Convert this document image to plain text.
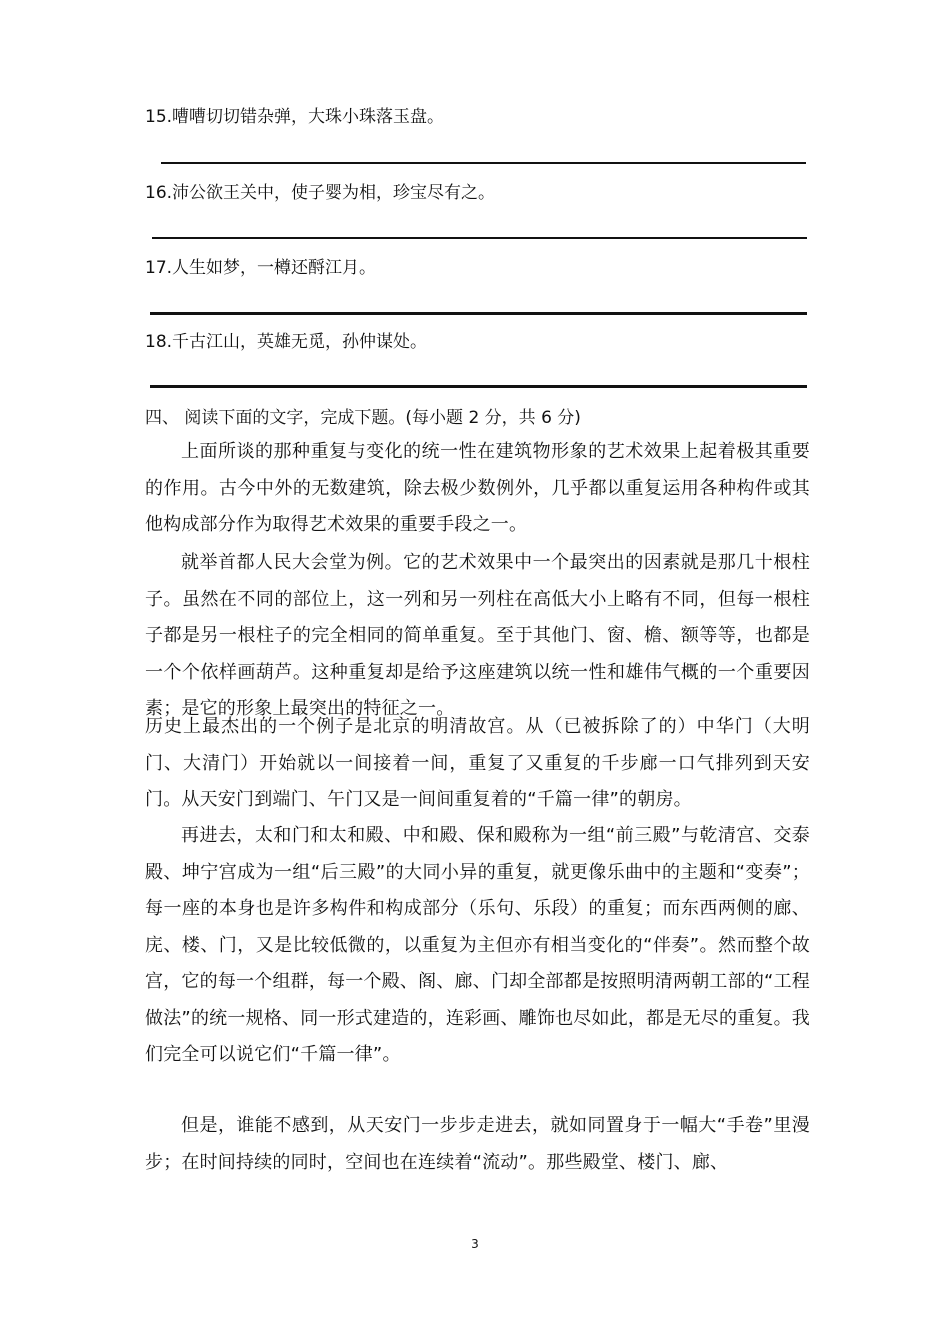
15.嘈嘈切切错杂弹，大珠小珠落玉盘。
16.沛公欲王关中，使子婴为相，珍宝尽有之。
17.人生如梦，一樽还酹江月。
18.千古江山，英雄无觅，孙仲谋处。
四、 阅读下面的文字，完成下题。(每小题 2 分，共 6 分)

上面所谈的那种重复与变化的统一性在建筑物形象的艺术效果上起着极其重要的作用。古今中外的无数建筑，除去极少数例外，几乎都以重复运用各种构件或其他构成部分作为取得艺术效果的重要手段之一。

就举首都人民大会堂为例。它的艺术效果中一个最突出的因素就是那几十根柱子。虽然在不同的部位上，这一列和另一列柱在高低大小上略有不同，但每一根柱子都是另一根柱子的完全相同的简单重复。至于其他门、窗、檐、额等等，也都是一个个依样画葫芦。这种重复却是给予这座建筑以统一性和雄伟气概的一个重要因素；是它的形象上最突出的特征之一。

历史上最杰出的一个例子是北京的明清故宫。从（已被拆除了的）中华门（大明门、大清门）开始就以一间接着一间，重复了又重复的千步廊一口气排列到天安门。从天安门到端门、午门又是一间间重复着的“千篇一律”的朝房。

再进去，太和门和太和殿、中和殿、保和殿称为一组“前三殿”与乾清宫、交泰殿、坤宁宫成为一组“后三殿”的大同小异的重复，就更像乐曲中的主题和“变奏”；每一座的本身也是许多构件和构成部分（乐句、乐段）的重复；而东西两侧的廊、庑、楼、门，又是比较低微的，以重复为主但亦有相当变化的“伴奏”。然而整个故宫，它的每一个组群，每一个殿、阁、廊、门却全部都是按照明清两朝工部的“工程做法”的统一规格、同一形式建造的，连彩画、雕饰也尽如此，都是无尽的重复。我们完全可以说它们“千篇一律”。

但是，谁能不感到，从天安门一步步走进去，就如同置身于一幅大“手卷”里漫步；在时间持续的同时，空间也在连续着“流动”。那些殿堂、楼门、廊、

3
